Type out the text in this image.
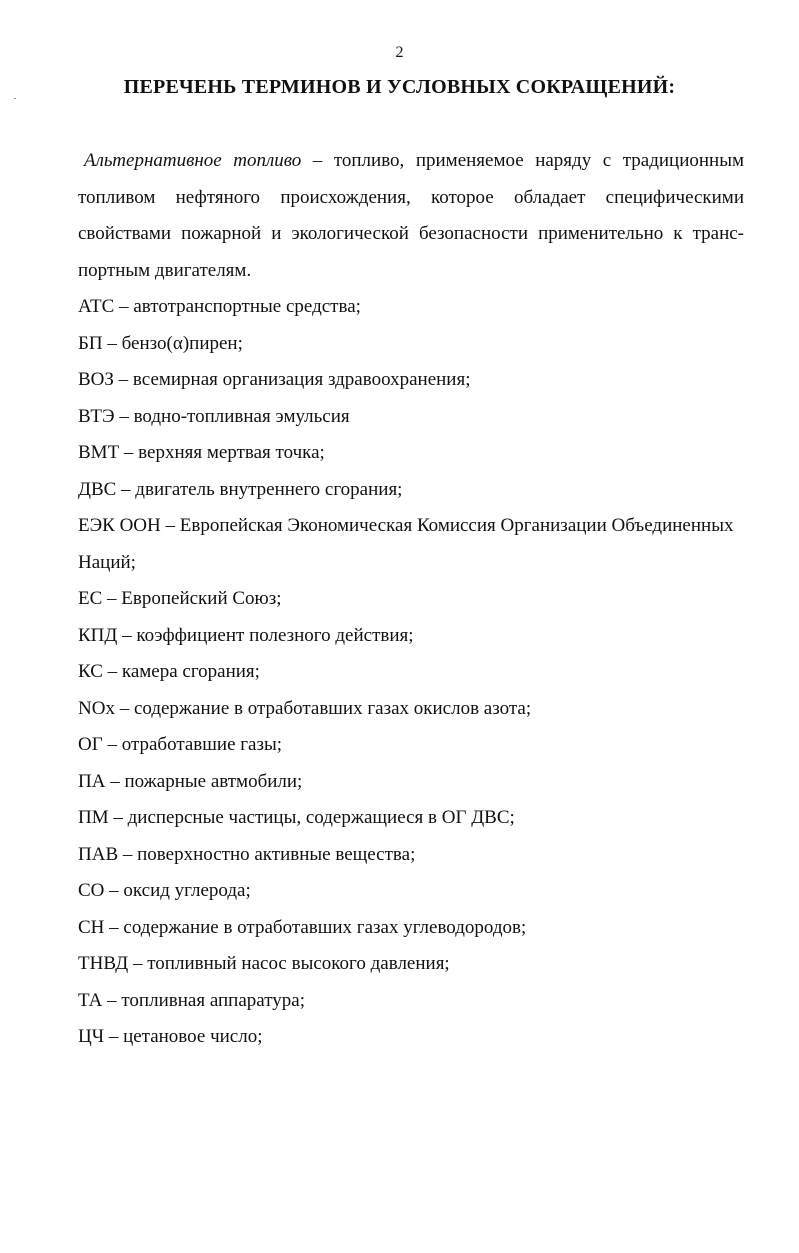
2
ПЕРЕЧЕНЬ ТЕРМИНОВ И УСЛОВНЫХ СОКРАЩЕНИЙ:

Альтернативное топливо – топливо, применяемое наряду с традиционным топливом нефтяного происхождения, которое обладает специфическими свойствами пожарной и экологической безопасности применительно к транспортным двигателям.

АТС – автотранспортные средства;
БП – бензо(α)пирен;
ВОЗ – всемирная организация здравоохранения;
ВТЭ – водно-топливная эмульсия
ВМТ – верхняя мертвая точка;
ДВС – двигатель внутреннего сгорания;
ЕЭК ООН – Европейская Экономическая Комиссия Организации Объединенных Наций;
ЕС – Европейский Союз;
КПД – коэффициент полезного действия;
КС – камера сгорания;
NOx – содержание в отработавших газах окислов азота;
ОГ – отработавшие газы;
ПА – пожарные автмобили;
ПМ – дисперсные частицы, содержащиеся в ОГ ДВС;
ПАВ – поверхностно активные вещества;
СО – оксид углерода;
СН – содержание в отработавших газах углеводородов;
ТНВД – топливный насос высокого давления;
ТА – топливная аппаратура;
ЦЧ – цетановое число;
